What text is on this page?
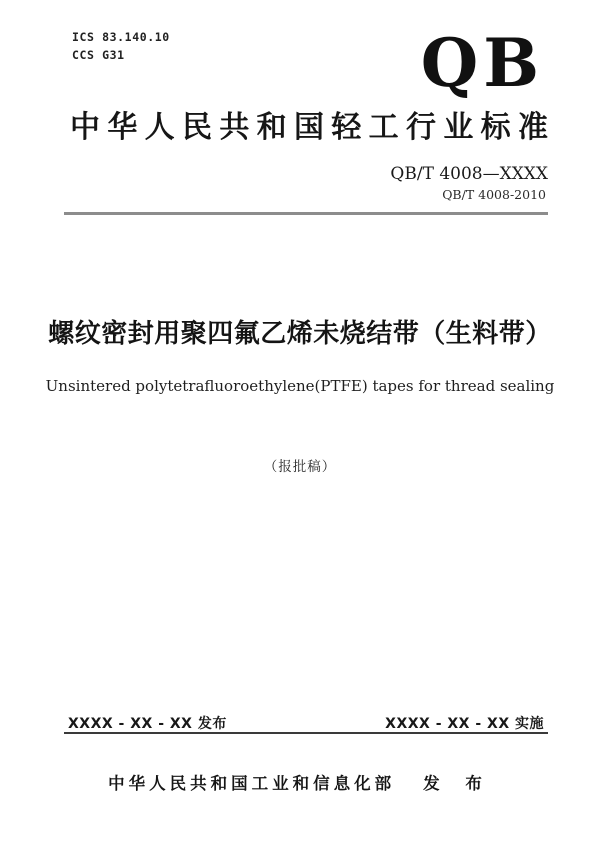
ICS 83.140.10
CCS G31	QB
中华人民共和国轻工行业标准
QB/T 4008—XXXX
QB/T 4008-2010
螺纹密封用聚四氟乙烯未烧结带（生料带）
Unsintered polytetrafluoroethylene(PTFE) tapes for thread sealing
（报批稿）
XXXX - XX - XX 发布	XXXX - XX - XX 实施
中华人民共和国工业和信息化部 发 布
